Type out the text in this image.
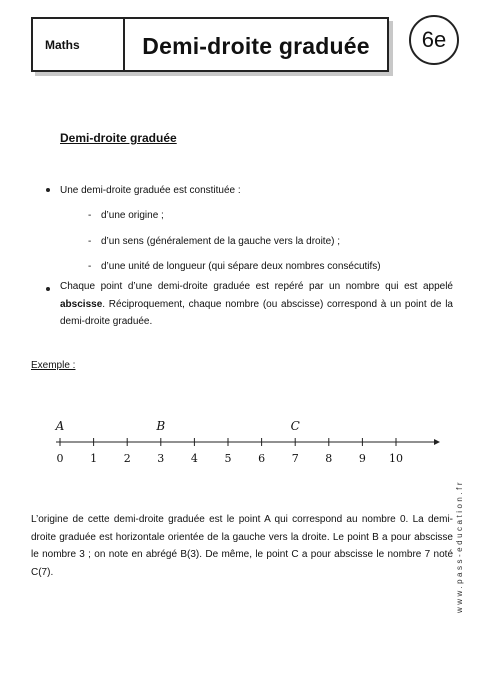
Maths	Demi-droite graduée	6e
Demi-droite graduée
Une demi-droite graduée est constituée :
- d’une origine ;
- d’un sens (généralement de la gauche vers la droite) ;
- d’une unité de longueur (qui sépare deux nombres consécutifs)
Chaque point d’une demi-droite graduée est repéré par un nombre qui est appelé abscisse. Réciproquement, chaque nombre (ou abscisse) correspond à un point de la demi-droite graduée.
Exemple :
0 1 2 3 4 5 6 7 8 9 10
A	B	C
www.pass-education.fr
L’origine de cette demi-droite graduée est le point A qui correspond au nombre 0. La demi-droite graduée est horizontale orientée de la gauche vers la droite. Le point B a pour abscisse le nombre 3 ; on note en abrégé B(3). De même, le point C a pour abscisse le nombre 7 noté C(7).
